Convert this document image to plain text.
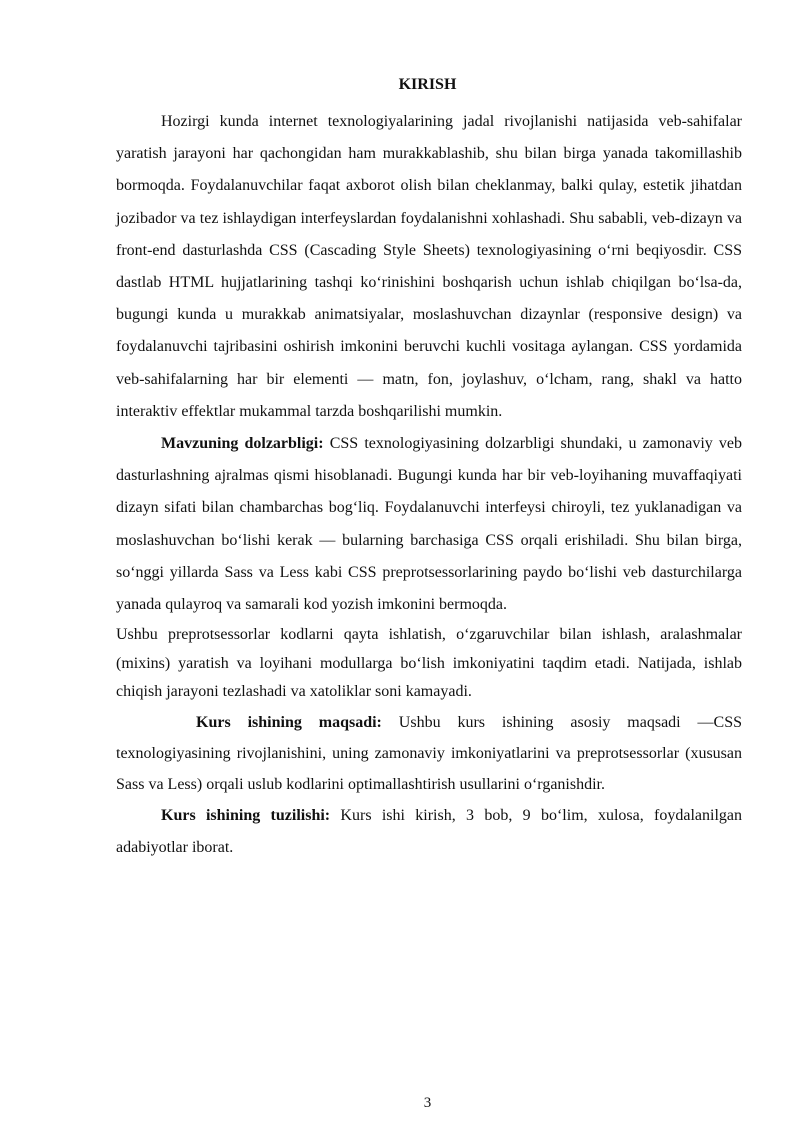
KIRISH

Hozirgi kunda internet texnologiyalarining jadal rivojlanishi natijasida veb-sahifalar yaratish jarayoni har qachongidan ham murakkablashib, shu bilan birga yanada takomillashib bormoqda. Foydalanuvchilar faqat axborot olish bilan cheklanmay, balki qulay, estetik jihatdan jozibador va tez ishlaydigan interfeyslardan foydalanishni xohlashadi. Shu sababli, veb-dizayn va front-end dasturlashda CSS (Cascading Style Sheets) texnologiyasining o‘rni beqiyosdir. CSS dastlab HTML hujjatlarining tashqi ko‘rinishini boshqarish uchun ishlab chiqilgan bo‘lsa-da, bugungi kunda u murakkab animatsiyalar, moslashuvchan dizaynlar (responsive design) va foydalanuvchi tajribasini oshirish imkonini beruvchi kuchli vositaga aylangan. CSS yordamida veb-sahifalarning har bir elementi — matn, fon, joylashuv, o‘lcham, rang, shakl va hatto interaktiv effektlar mukammal tarzda boshqarilishi mumkin.

Mavzuning dolzarbligi: CSS texnologiyasining dolzarbligi shundaki, u zamonaviy veb dasturlashning ajralmas qismi hisoblanadi. Bugungi kunda har bir veb-loyihaning muvaffaqiyati dizayn sifati bilan chambarchas bog‘liq. Foydalanuvchi interfeysi chiroyli, tez yuklanadigan va moslashuvchan bo‘lishi kerak — bularning barchasiga CSS orqali erishiladi. Shu bilan birga, so‘nggi yillarda Sass va Less kabi CSS preprotsessorlarining paydo bo‘lishi veb dasturchilarga yanada qulayroq va samarali kod yozish imkonini bermoqda.

Ushbu preprotsessorlar kodlarni qayta ishlatish, o‘zgaruvchilar bilan ishlash, aralashmalar (mixins) yaratish va loyihani modullarga bo‘lish imkoniyatini taqdim etadi. Natijada, ishlab chiqish jarayoni tezlashadi va xatoliklar soni kamayadi.

Kurs ishining maqsadi: Ushbu kurs ishining asosiy maqsadi —CSS texnologiyasining rivojlanishini, uning zamonaviy imkoniyatlarini va preprotsessorlar (xususan Sass va Less) orqali uslub kodlarini optimallashtirish usullarini o‘rganishdir.

Kurs ishining tuzilishi: Kurs ishi kirish, 3 bob, 9 bo‘lim, xulosa, foydalanilgan adabiyotlar iborat.

3
